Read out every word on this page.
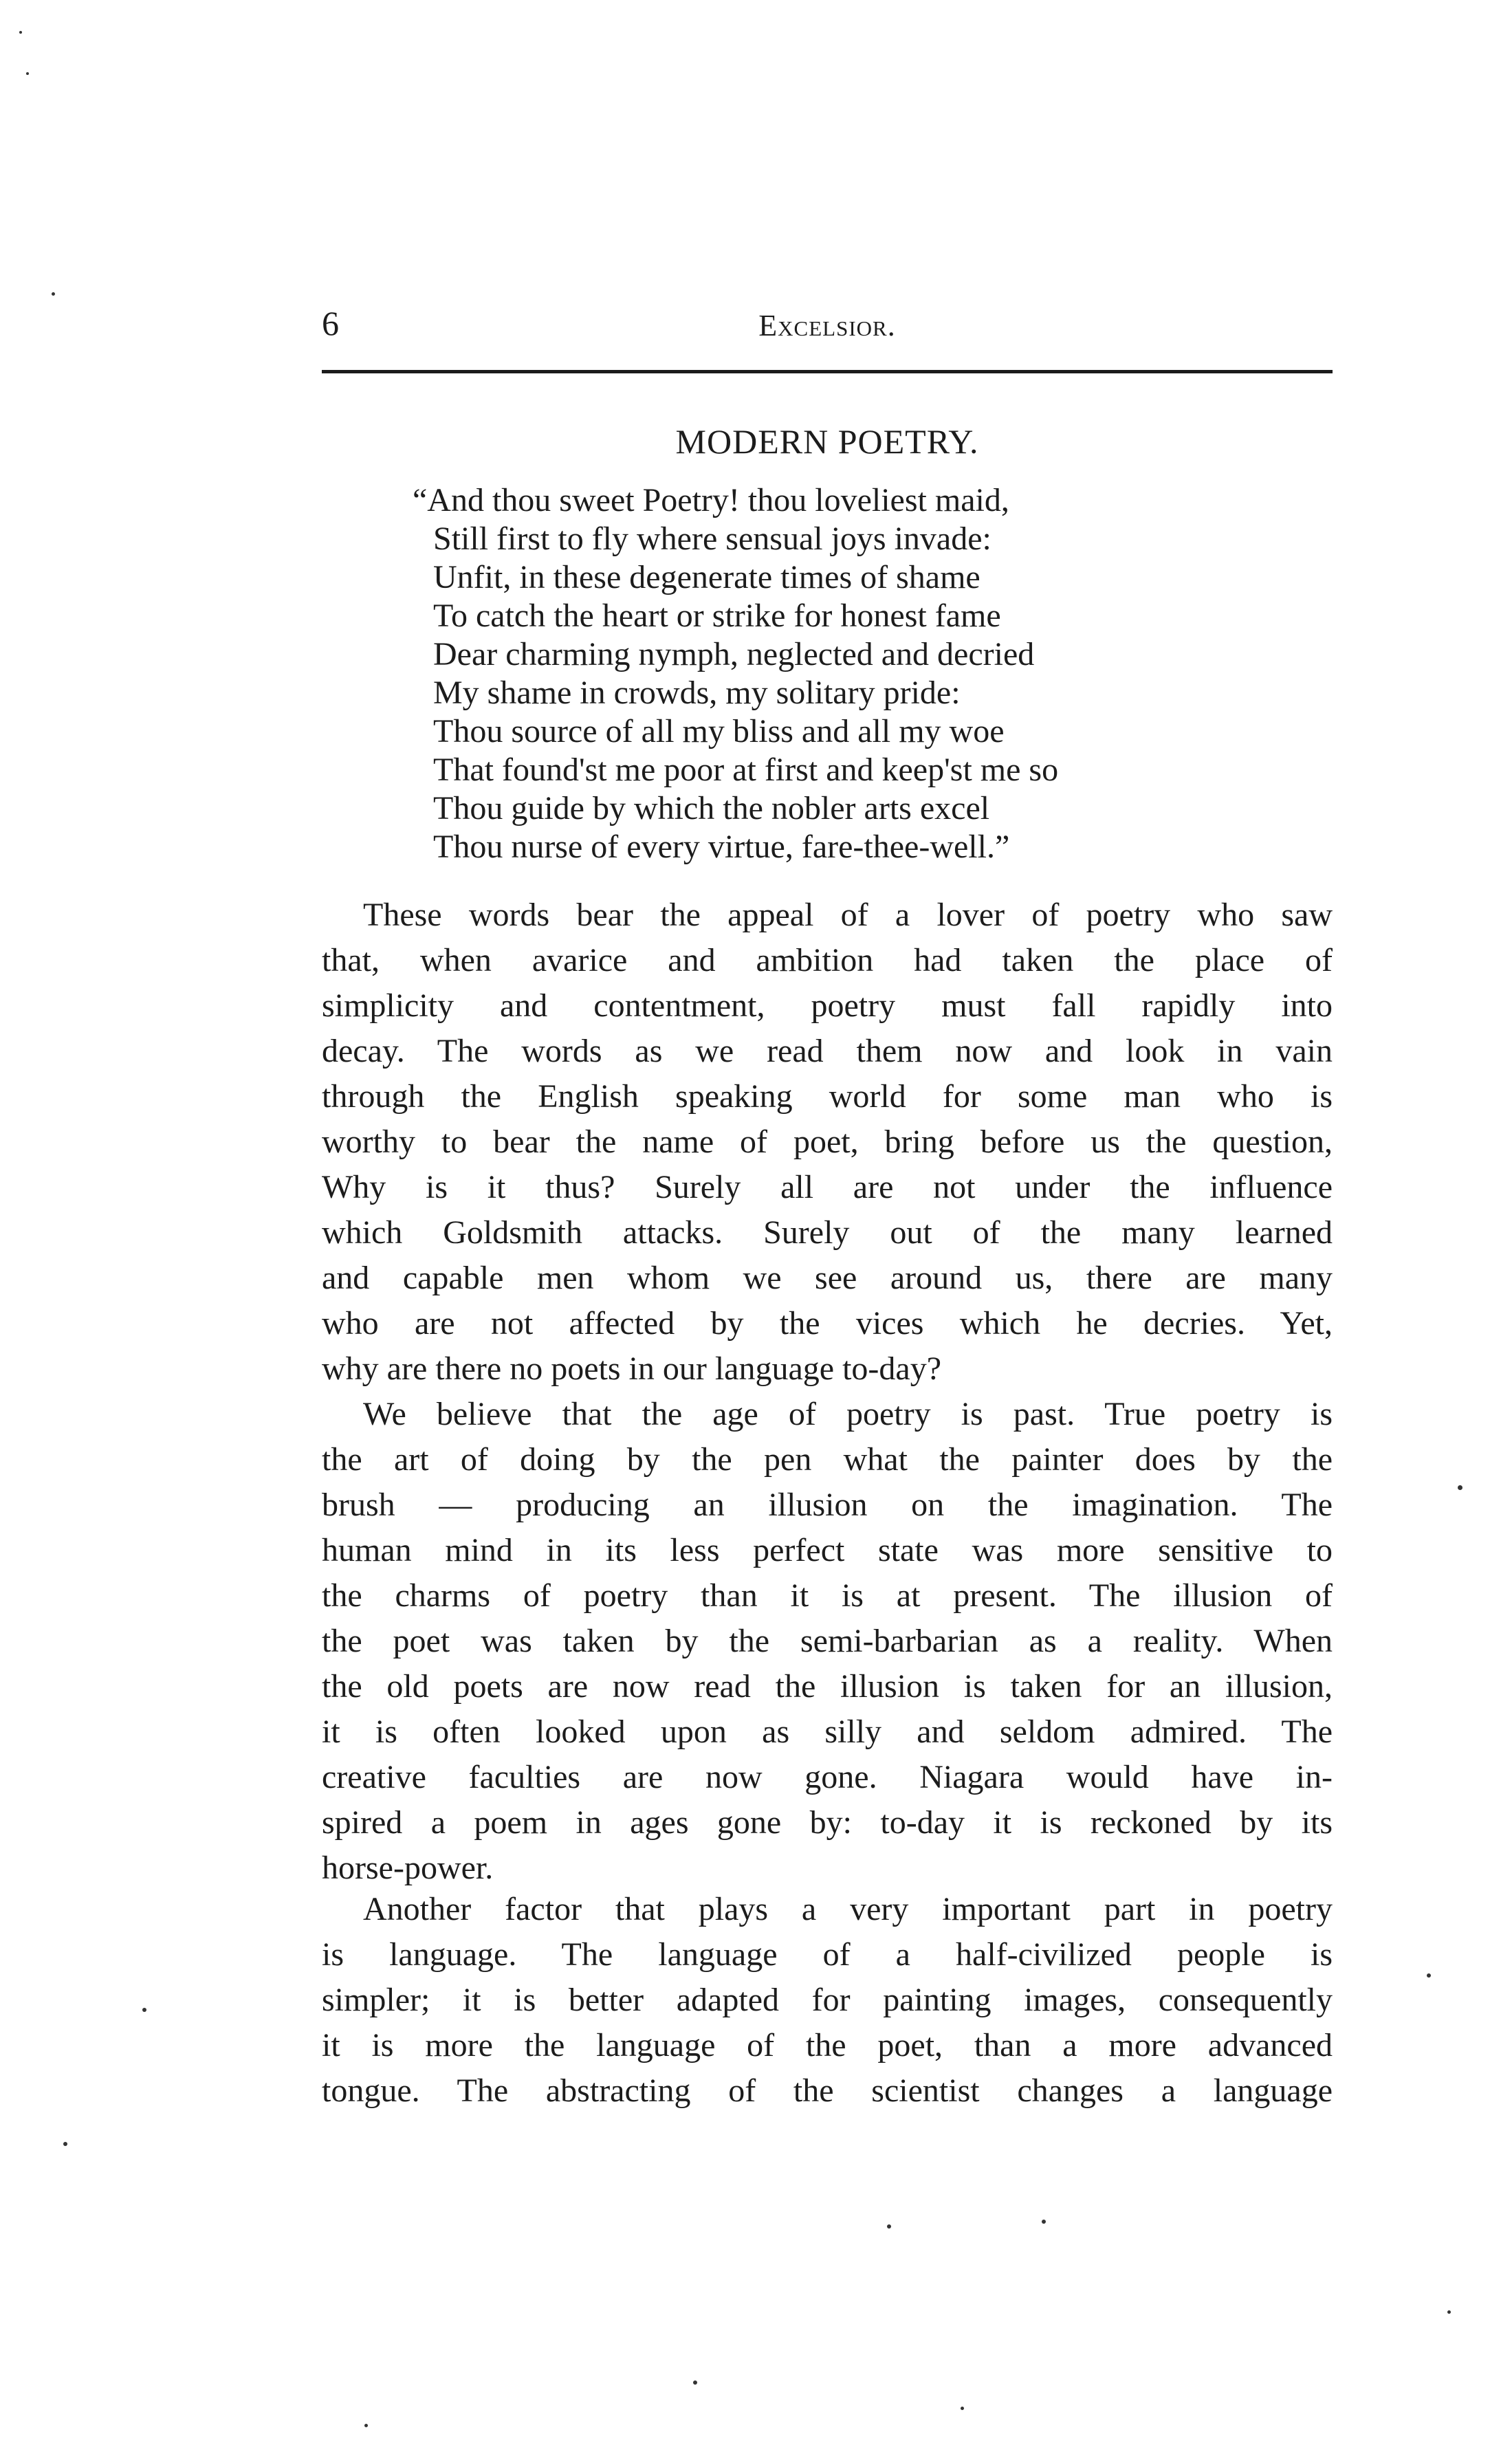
6	Excelsior.
MODERN POETRY.
“And thou sweet Poetry! thou loveliest maid,
Still first to fly where sensual joys invade:
Unfit, in these degenerate times of shame
To catch the heart or strike for honest fame
Dear charming nymph, neglected and decried
My shame in crowds, my solitary pride:
Thou source of all my bliss and all my woe
That found'st me poor at first and keep'st me so
Thou guide by which the nobler arts excel
Thou nurse of every virtue, fare-thee-well.”
These words bear the appeal of a lover of poetry who saw
that, when avarice and ambition had taken the place of
simplicity and contentment, poetry must fall rapidly into
decay. The words as we read them now and look in vain
through the English speaking world for some man who is
worthy to bear the name of poet, bring before us the question,
Why is it thus? Surely all are not under the influence
which Goldsmith attacks. Surely out of the many learned
and capable men whom we see around us, there are many
who are not affected by the vices which he decries. Yet,
why are there no poets in our language to-day?
We believe that the age of poetry is past. True poetry is
the art of doing by the pen what the painter does by the
brush — producing an illusion on the imagination. The
human mind in its less perfect state was more sensitive to
the charms of poetry than it is at present. The illusion of
the poet was taken by the semi-barbarian as a reality. When
the old poets are now read the illusion is taken for an illusion,
it is often looked upon as silly and seldom admired. The
creative faculties are now gone. Niagara would have in-
spired a poem in ages gone by: to-day it is reckoned by its
horse-power.
Another factor that plays a very important part in poetry
is language. The language of a half-civilized people is
simpler; it is better adapted for painting images, consequently
it is more the language of the poet, than a more advanced
tongue. The abstracting of the scientist changes a language
